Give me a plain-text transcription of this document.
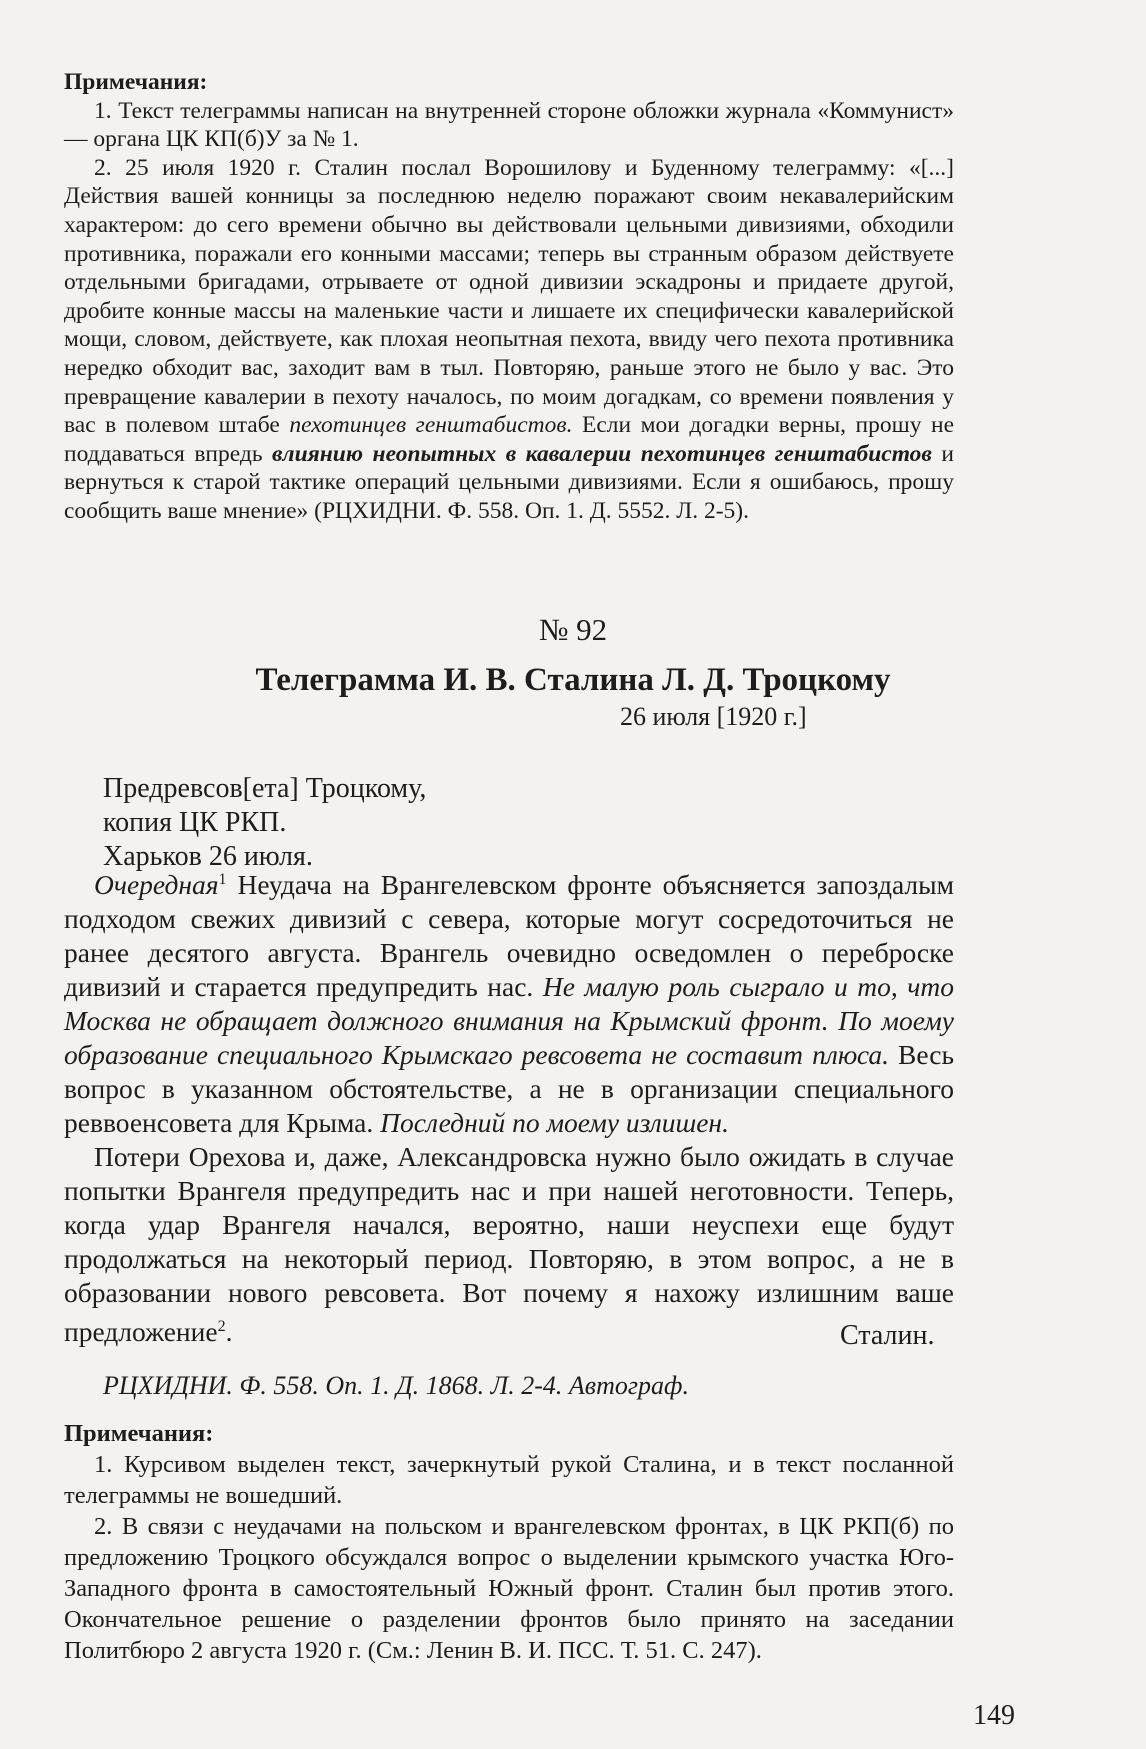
Примечания:

1. Текст телеграммы написан на внутренней стороне обложки журнала «Коммунист» — органа ЦК КП(б)У за № 1.

2. 25 июля 1920 г. Сталин послал Ворошилову и Буденному телеграмму: «[...] Действия вашей конницы за последнюю неделю поражают своим некавалерийским характером: до сего времени обычно вы действовали цельными дивизиями, обходили противника, поражали его конными массами; теперь вы странным образом действуете отдельными бригадами, отрываете от одной дивизии эскадроны и придаете другой, дробите конные массы на маленькие части и лишаете их специфически кавалерийской мощи, словом, действуете, как плохая неопытная пехота, ввиду чего пехота противника нередко обходит вас, заходит вам в тыл. Повторяю, раньше этого не было у вас. Это превращение кавалерии в пехоту началось, по моим догадкам, со времени появления у вас в полевом штабе пехотинцев генштабистов. Если мои догадки верны, прошу не поддаваться впредь влиянию неопытных в кавалерии пехотинцев генштабистов и вернуться к старой тактике операций цельными дивизиями. Если я ошибаюсь, прошу сообщить ваше мнение» (РЦХИДНИ. Ф. 558. Оп. 1. Д. 5552. Л. 2-5).

№ 92
Телеграмма И. В. Сталина Л. Д. Троцкому
26 июля [1920 г.]
Предревсов[ета] Троцкому,
копия ЦК РКП.
Харьков 26 июля.

Очередная$^1$ Неудача на Врангелевском фронте объясняется запоздалым подходом свежих дивизий с севера, которые могут сосредоточиться не ранее десятого августа. Врангель очевидно осведомлен о переброске дивизий и старается предупредить нас. Не малую роль сыграло и то, что Москва не обращает должного внимания на Крымский фронт. По моему образование специального Крымскаго ревсовета не составит плюса. Весь вопрос в указанном обстоятельстве, а не в организации специального реввоенсовета для Крыма. Последний по моему излишен.

Потери Орехова и, даже, Александровска нужно было ожидать в случае попытки Врангеля предупредить нас и при нашей неготовности. Теперь, когда удар Врангеля начался, вероятно, наши неуспехи еще будут продолжаться на некоторый период. Повторяю, в этом вопрос, а не в образовании нового ревсовета. Вот почему я нахожу излишним ваше предложение$^2$.	Сталин.
РЦХИДНИ. Ф. 558. Оп. 1. Д. 1868. Л. 2-4. Автограф.
Примечания:

1. Курсивом выделен текст, зачеркнутый рукой Сталина, и в текст посланной телеграммы не вошедший.

2. В связи с неудачами на польском и врангелевском фронтах, в ЦК РКП(б) по предложению Троцкого обсуждался вопрос о выделении крымского участка Юго-Западного фронта в самостоятельный Южный фронт. Сталин был против этого. Окончательное решение о разделении фронтов было принято на заседании Политбюро 2 августа 1920 г. (См.: Ленин В. И. ПСС. Т. 51. С. 247).

149
